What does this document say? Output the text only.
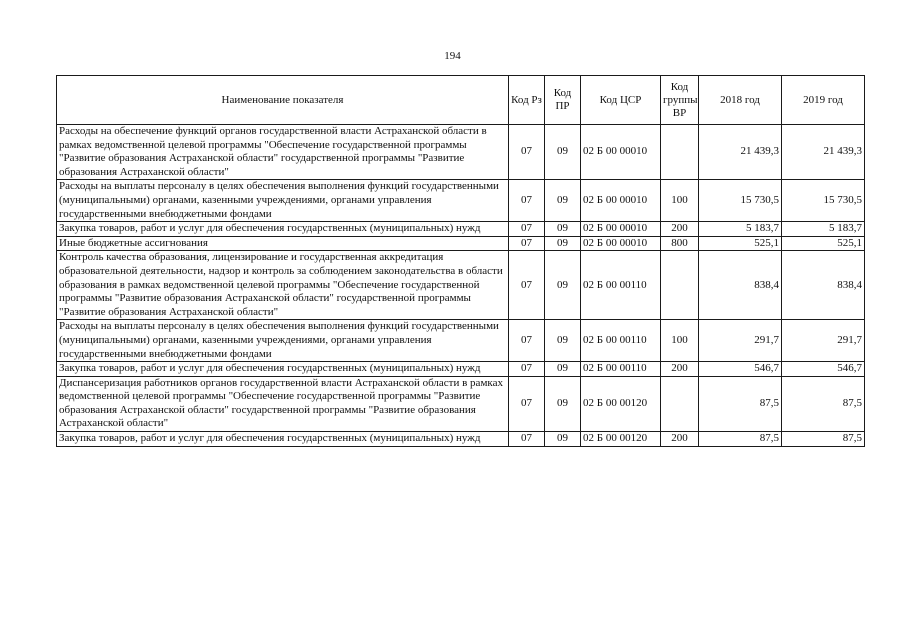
194
Наименование показателя	Код Рз	Код ПР	Код ЦСР	Код группы ВР	2018 год	2019 год
Расходы на обеспечение функций органов государственной власти Астраханской области в рамках ведомственной целевой программы "Обеспечение государственной программы "Развитие образования Астраханской области" государственной программы "Развитие образования Астраханской области"	07	09	02 Б 00 00010		21 439,3	21 439,3
Расходы на выплаты персоналу в целях обеспечения выполнения функций государственными (муниципальными) органами, казенными учреждениями, органами управления государственными внебюджетными фондами	07	09	02 Б 00 00010	100	15 730,5	15 730,5
Закупка товаров, работ и услуг для обеспечения государственных (муниципальных) нужд	07	09	02 Б 00 00010	200	5 183,7	5 183,7
Иные бюджетные ассигнования	07	09	02 Б 00 00010	800	525,1	525,1
Контроль качества образования, лицензирование и государственная аккредитация образовательной деятельности, надзор и контроль за соблюдением законодательства в области образования в рамках ведомственной целевой программы "Обеспечение государственной программы "Развитие образования Астраханской области" государственной программы "Развитие образования Астраханской области"	07	09	02 Б 00 00110		838,4	838,4
Расходы на выплаты персоналу в целях обеспечения выполнения функций государственными (муниципальными) органами, казенными учреждениями, органами управления государственными внебюджетными фондами	07	09	02 Б 00 00110	100	291,7	291,7
Закупка товаров, работ и услуг для обеспечения государственных (муниципальных) нужд	07	09	02 Б 00 00110	200	546,7	546,7
Диспансеризация работников органов государственной власти Астраханской области в рамках ведомственной целевой программы "Обеспечение государственной программы "Развитие образования Астраханской области" государственной программы "Развитие образования Астраханской области"	07	09	02 Б 00 00120		87,5	87,5
Закупка товаров, работ и услуг для обеспечения государственных (муниципальных) нужд	07	09	02 Б 00 00120	200	87,5	87,5
